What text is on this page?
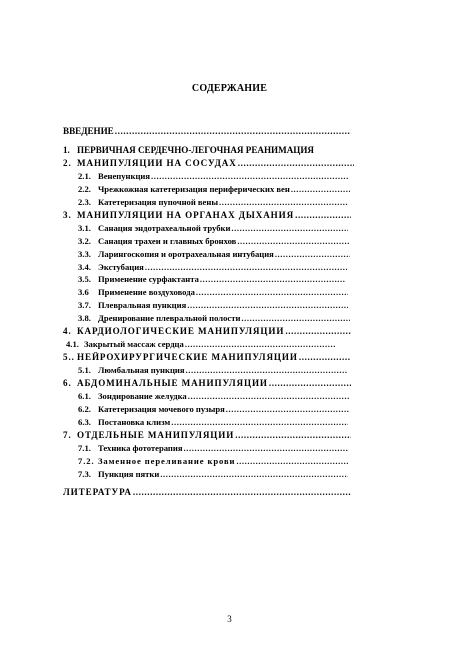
СОДЕРЖАНИЕ
ВВЕДЕНИЕ
.....
1. ПЕРВИЧНАЯ СЕРДЕЧНО-ЛЕГОЧНАЯ РЕАНИМАЦИЯ
2. МАНИПУЛЯЦИИ НА СОСУДАХ
.....
2.1. Венепункция
.....
2.2. Чрежкожная катетеризация периферических вен
.....
2.3. Катетеризация пупочной вены
.....
3. МАНИПУЛЯЦИИ НА ОРГАНАХ ДЫХАНИЯ
.....
3.1. Санация эндотрахеальной трубки
.....
3.2. Санация трахеи и главных бронхов
.....
3.3. Ларингоскопия и оротрахеальная интубация
.....
3.4. Экстубация
.....
3.5. Применение сурфактанта
.....
3.6	Применение воздуховода
.....
3.7. Плевральная пункция
.....
3.8. Дренирование плевральной полости
.....
4. КАРДИОЛОГИЧЕСКИЕ МАНИПУЛЯЦИИ
.....
4.1. Закрытый массаж сердца
.....
5.. НЕЙРОХИРУРГИЧЕСКИЕ МАНИПУЛЯЦИИ
.....
5.1. Люмбальная пункция
.....
6. АБДОМИНАЛЬНЫЕ МАНИПУЛЯЦИИ
.....
6.1. Зондирование желудка
.....
6.2. Катетеризация мочевого пузыря
.....
6.3. Постановка клизм
.....
7. ОТДЕЛЬНЫЕ МАНИПУЛЯЦИИ
.....
7.1. Техника фототерапия
.....
7.2. Заменное переливание крови
.....
7.3. Пункция пятки
.....
ЛИТЕРАТУРА
.....
3
